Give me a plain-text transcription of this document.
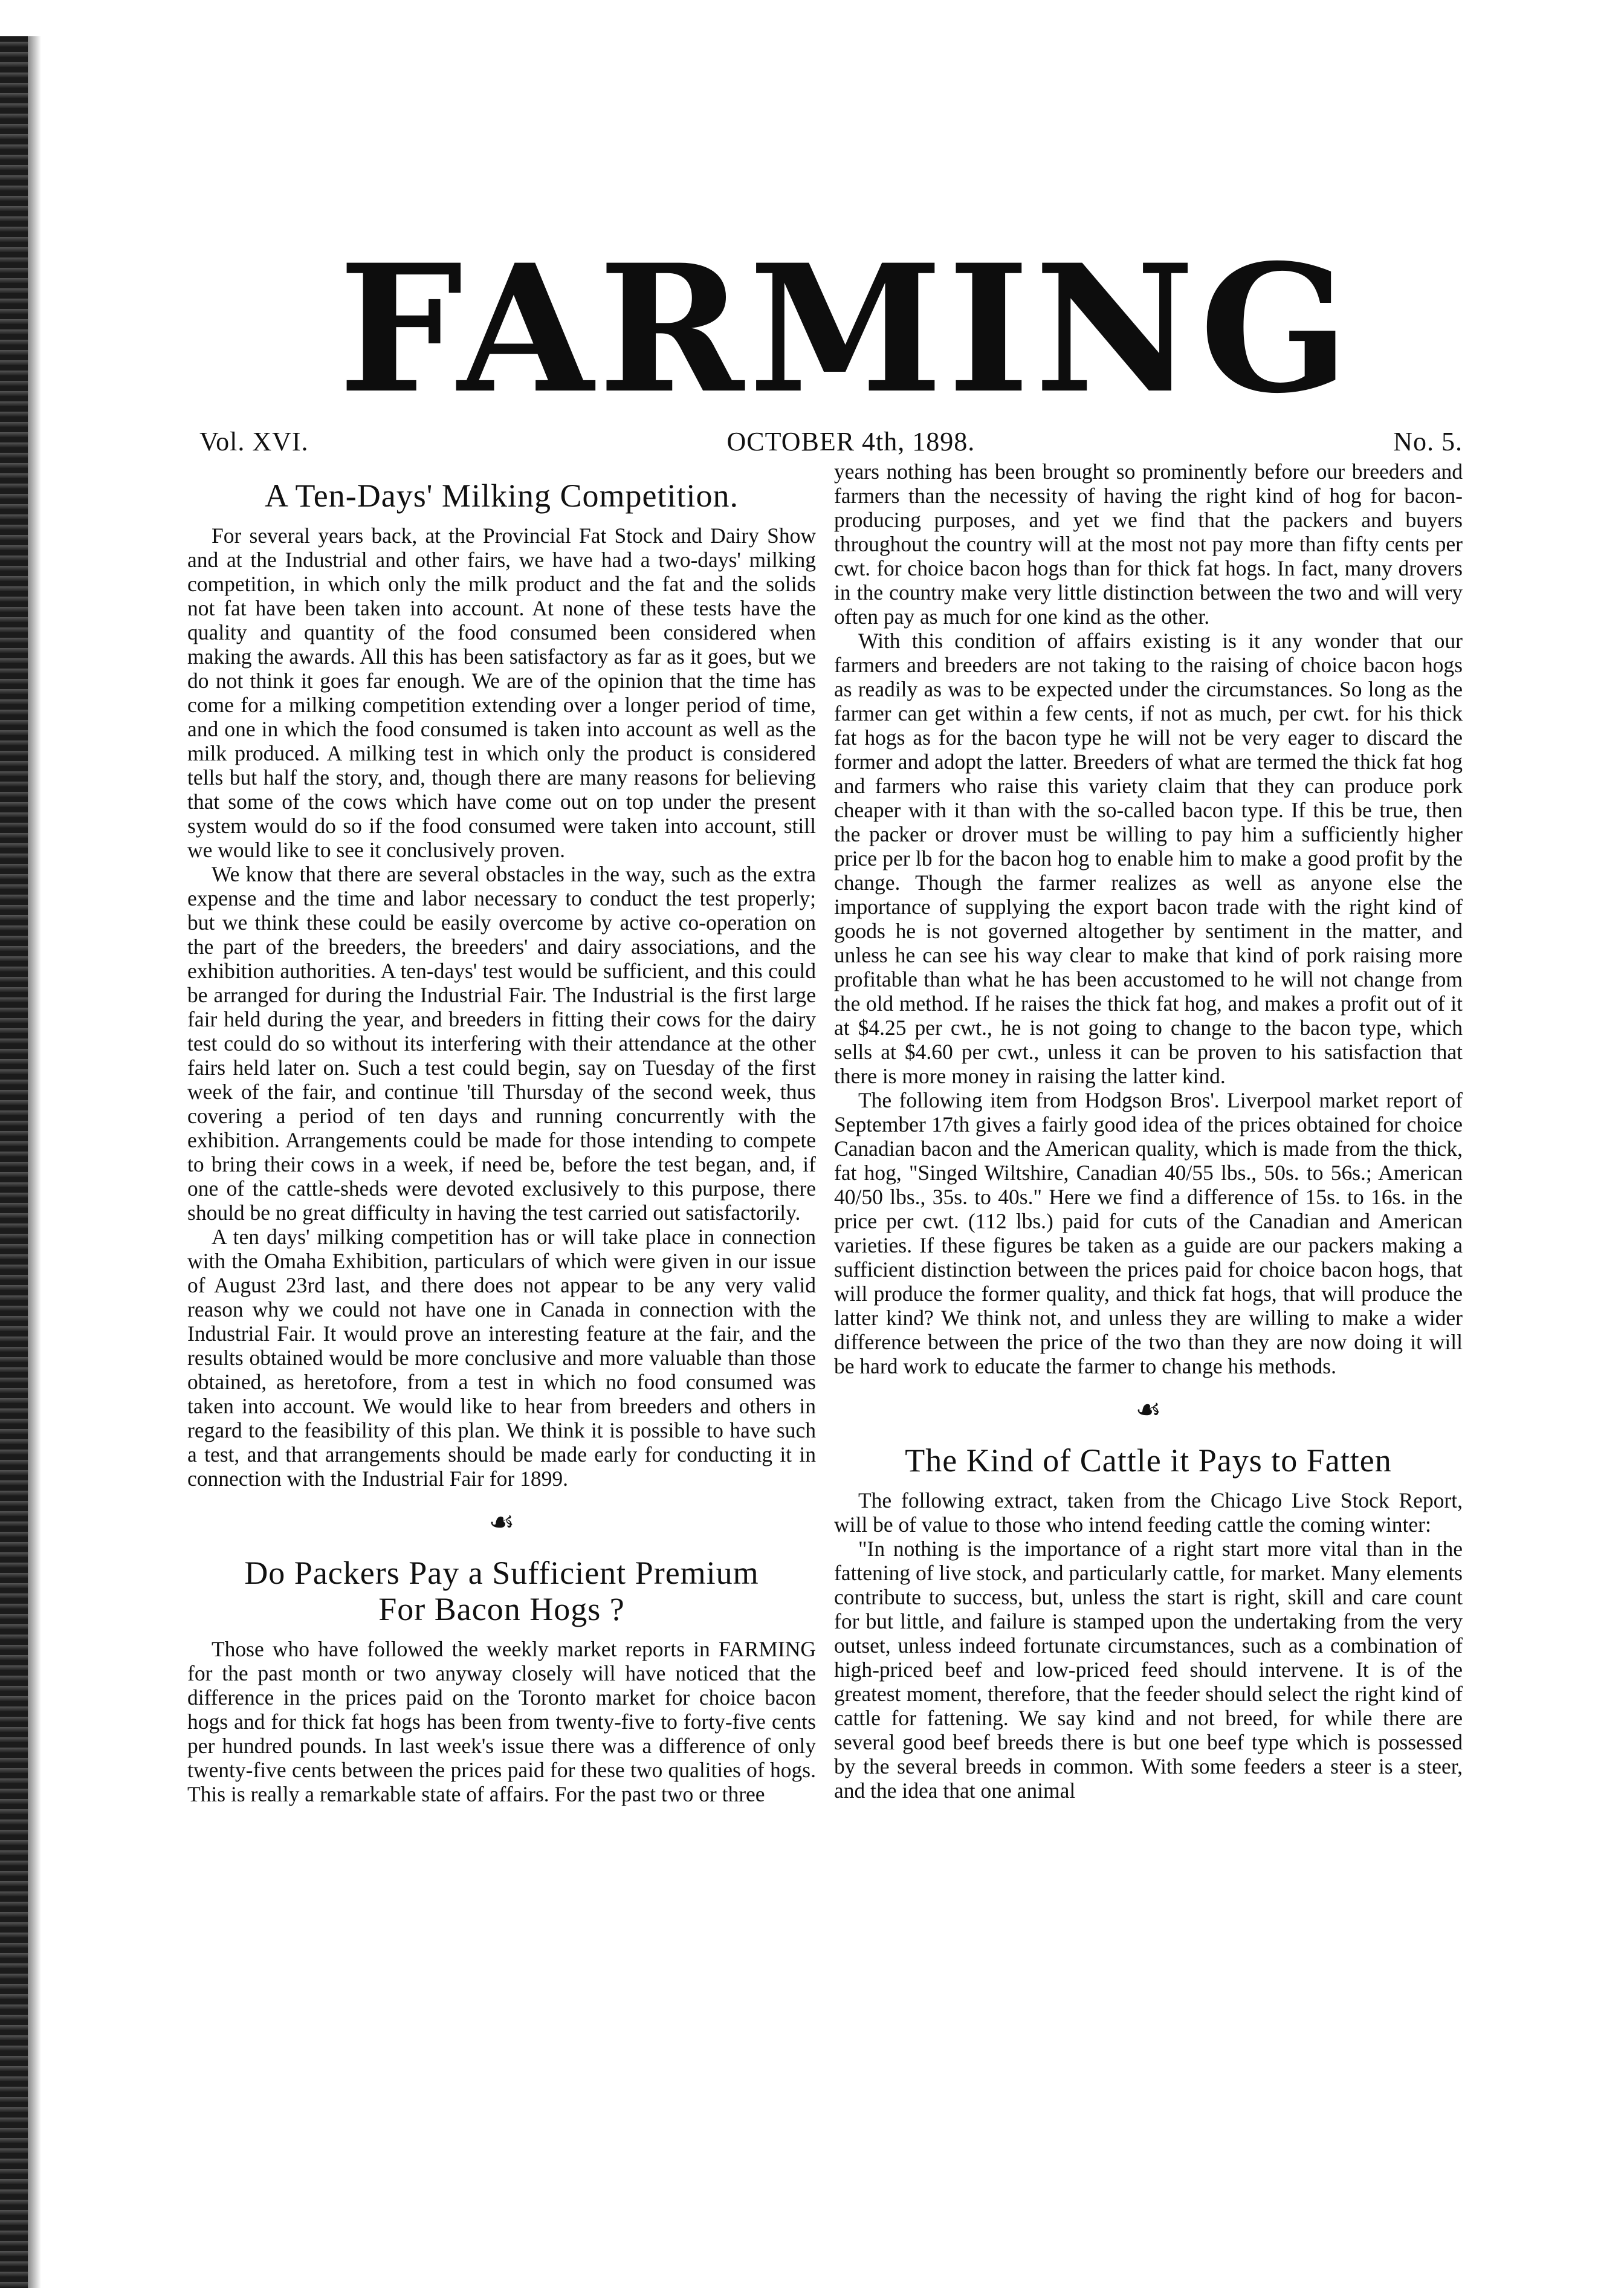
FARMING
Vol. XVI.	OCTOBER 4th, 1898.	No. 5.
A Ten-Days' Milking Competition.

For several years back, at the Provincial Fat Stock and Dairy Show and at the Industrial and other fairs, we have had a two-days' milking competition, in which only the milk product and the fat and the solids not fat have been taken into account. At none of these tests have the quality and quantity of the food consumed been considered when making the awards. All this has been satisfactory as far as it goes, but we do not think it goes far enough. We are of the opinion that the time has come for a milking competition extending over a longer period of time, and one in which the food consumed is taken into account as well as the milk produced. A milking test in which only the product is considered tells but half the story, and, though there are many reasons for believing that some of the cows which have come out on top under the present system would do so if the food consumed were taken into account, still we would like to see it conclusively proven.

We know that there are several obstacles in the way, such as the extra expense and the time and labor necessary to conduct the test properly; but we think these could be easily overcome by active co-operation on the part of the breeders, the breeders' and dairy associations, and the exhibition authorities. A ten-days' test would be sufficient, and this could be arranged for during the Industrial Fair. The Industrial is the first large fair held during the year, and breeders in fitting their cows for the dairy test could do so without its interfering with their attendance at the other fairs held later on. Such a test could begin, say on Tuesday of the first week of the fair, and continue 'till Thursday of the second week, thus covering a period of ten days and running concurrently with the exhibition. Arrangements could be made for those intending to compete to bring their cows in a week, if need be, before the test began, and, if one of the cattle-sheds were devoted exclusively to this purpose, there should be no great difficulty in having the test carried out satisfactorily.

A ten days' milking competition has or will take place in connection with the Omaha Exhibition, particulars of which were given in our issue of August 23rd last, and there does not appear to be any very valid reason why we could not have one in Canada in connection with the Industrial Fair. It would prove an interesting feature at the fair, and the results obtained would be more conclusive and more valuable than those obtained, as heretofore, from a test in which no food consumed was taken into account. We would like to hear from breeders and others in regard to the feasibility of this plan. We think it is possible to have such a test, and that arrangements should be made early for conducting it in connection with the Industrial Fair for 1899.

☙
Do Packers Pay a Sufficient Premium
For Bacon Hogs ?

Those who have followed the weekly market reports in FARMING for the past month or two anyway closely will have noticed that the difference in the prices paid on the Toronto market for choice bacon hogs and for thick fat hogs has been from twenty-five to forty-five cents per hundred pounds. In last week's issue there was a difference of only twenty-five cents between the prices paid for these two qualities of hogs. This is really a remarkable state of affairs. For the past two or three

years nothing has been brought so prominently before our breeders and farmers than the necessity of having the right kind of hog for bacon-producing purposes, and yet we find that the packers and buyers throughout the country will at the most not pay more than fifty cents per cwt. for choice bacon hogs than for thick fat hogs. In fact, many drovers in the country make very little distinction between the two and will very often pay as much for one kind as the other.

With this condition of affairs existing is it any wonder that our farmers and breeders are not taking to the raising of choice bacon hogs as readily as was to be expected under the circumstances. So long as the farmer can get within a few cents, if not as much, per cwt. for his thick fat hogs as for the bacon type he will not be very eager to discard the former and adopt the latter. Breeders of what are termed the thick fat hog and farmers who raise this variety claim that they can produce pork cheaper with it than with the so-called bacon type. If this be true, then the packer or drover must be willing to pay him a sufficiently higher price per lb for the bacon hog to enable him to make a good profit by the change. Though the farmer realizes as well as anyone else the importance of supplying the export bacon trade with the right kind of goods he is not governed altogether by sentiment in the matter, and unless he can see his way clear to make that kind of pork raising more profitable than what he has been accustomed to he will not change from the old method. If he raises the thick fat hog, and makes a profit out of it at $4.25 per cwt., he is not going to change to the bacon type, which sells at $4.60 per cwt., unless it can be proven to his satisfaction that there is more money in raising the latter kind.

The following item from Hodgson Bros'. Liverpool market report of September 17th gives a fairly good idea of the prices obtained for choice Canadian bacon and the American quality, which is made from the thick, fat hog, "Singed Wiltshire, Canadian 40/55 lbs., 50s. to 56s.; American 40/50 lbs., 35s. to 40s." Here we find a difference of 15s. to 16s. in the price per cwt. (112 lbs.) paid for cuts of the Canadian and American varieties. If these figures be taken as a guide are our packers making a sufficient distinction between the prices paid for choice bacon hogs, that will produce the former quality, and thick fat hogs, that will produce the latter kind? We think not, and unless they are willing to make a wider difference between the price of the two than they are now doing it will be hard work to educate the farmer to change his methods.

☙
The Kind of Cattle it Pays to Fatten

The following extract, taken from the Chicago Live Stock Report, will be of value to those who intend feeding cattle the coming winter:

"In nothing is the importance of a right start more vital than in the fattening of live stock, and particularly cattle, for market. Many elements contribute to success, but, unless the start is right, skill and care count for but little, and failure is stamped upon the undertaking from the very outset, unless indeed fortunate circumstances, such as a combination of high-priced beef and low-priced feed should intervene. It is of the greatest moment, therefore, that the feeder should select the right kind of cattle for fattening. We say kind and not breed, for while there are several good beef breeds there is but one beef type which is possessed by the several breeds in common. With some feeders a steer is a steer, and the idea that one animal
